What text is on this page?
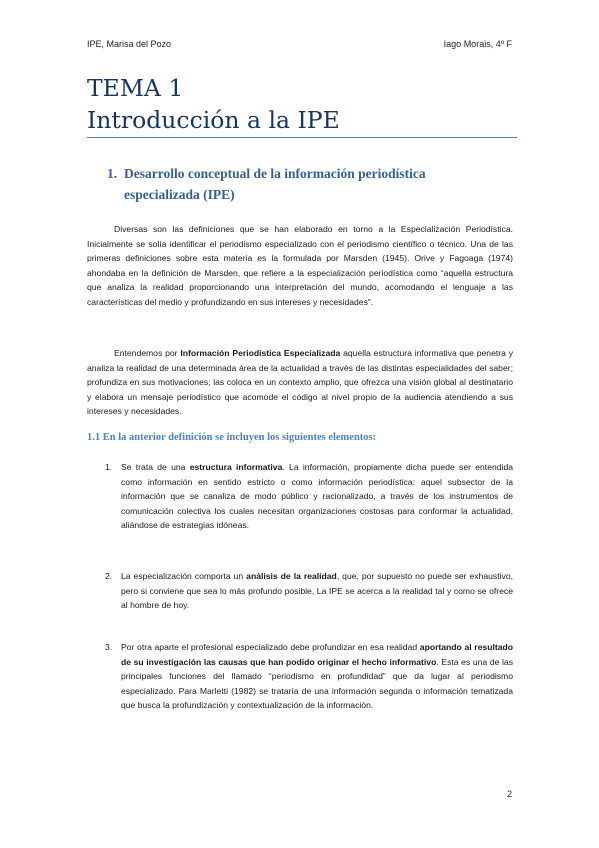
IPE, Marisa del Pozo	Iago Morais, 4º F
TEMA 1
Introducción a la IPE
1. Desarrollo conceptual de la información periodística especializada (IPE)

Diversas son las definiciones que se han elaborado en torno a la Especialización Periodística. Inicialmente se solía identificar el periodismo especializado con el periodismo científico o técnico. Una de las primeras definiciones sobre esta materia es la formulada por Marsden (1945). Orive y Fagoaga (1974) ahondaba en la definición de Marsden, que refiere a la especialización periodística como “aquella estructura que analiza la realidad proporcionando una interpretación del mundo, acomodando el lenguaje a las características del medio y profundizando en sus intereses y necesidades”.

Entendemos por Información Periodística Especializada aquella estructura informativa que penetra y analiza la realidad de una determinada área de la actualidad a través de las distintas especialidades del saber; profundiza en sus motivaciones; las coloca en un contexto amplio, que ofrezca una visión global al destinatario y elabora un mensaje periodístico que acomode el código al nivel propio de la audiencia atendiendo a sus intereses y necesidades.

1.1 En la anterior definición se incluyen los siguientes elementos:
1. Se trata de una estructura informativa. La información, propiamente dicha puede ser entendida como información en sentido estricto o como información periodística: aquel subsector de la información que se canaliza de modo público y racionalizado, a través de los instrumentos de comunicación colectiva los cuales necesitan organizaciones costosas para conformar la actualidad, aliándose de estrategias idóneas.
2. La especialización comporta un análisis de la realidad, que, por supuesto no puede ser exhaustivo, pero si conviene que sea lo más profundo posible, La IPE se acerca a la realidad tal y como se ofrece al hombre de hoy.
3. Por otra aparte el profesional especializado debe profundizar en esa realidad aportando al resultado de su investigación las causas que han podido originar el hecho informativo. Esta es una de las principales funciones del llamado “periodismo en profundidad” que da lugar al periodismo especializado. Para Marletti (1982) se trataría de una información segunda o información tematizada que busca la profundización y contextualización de la información.
2
